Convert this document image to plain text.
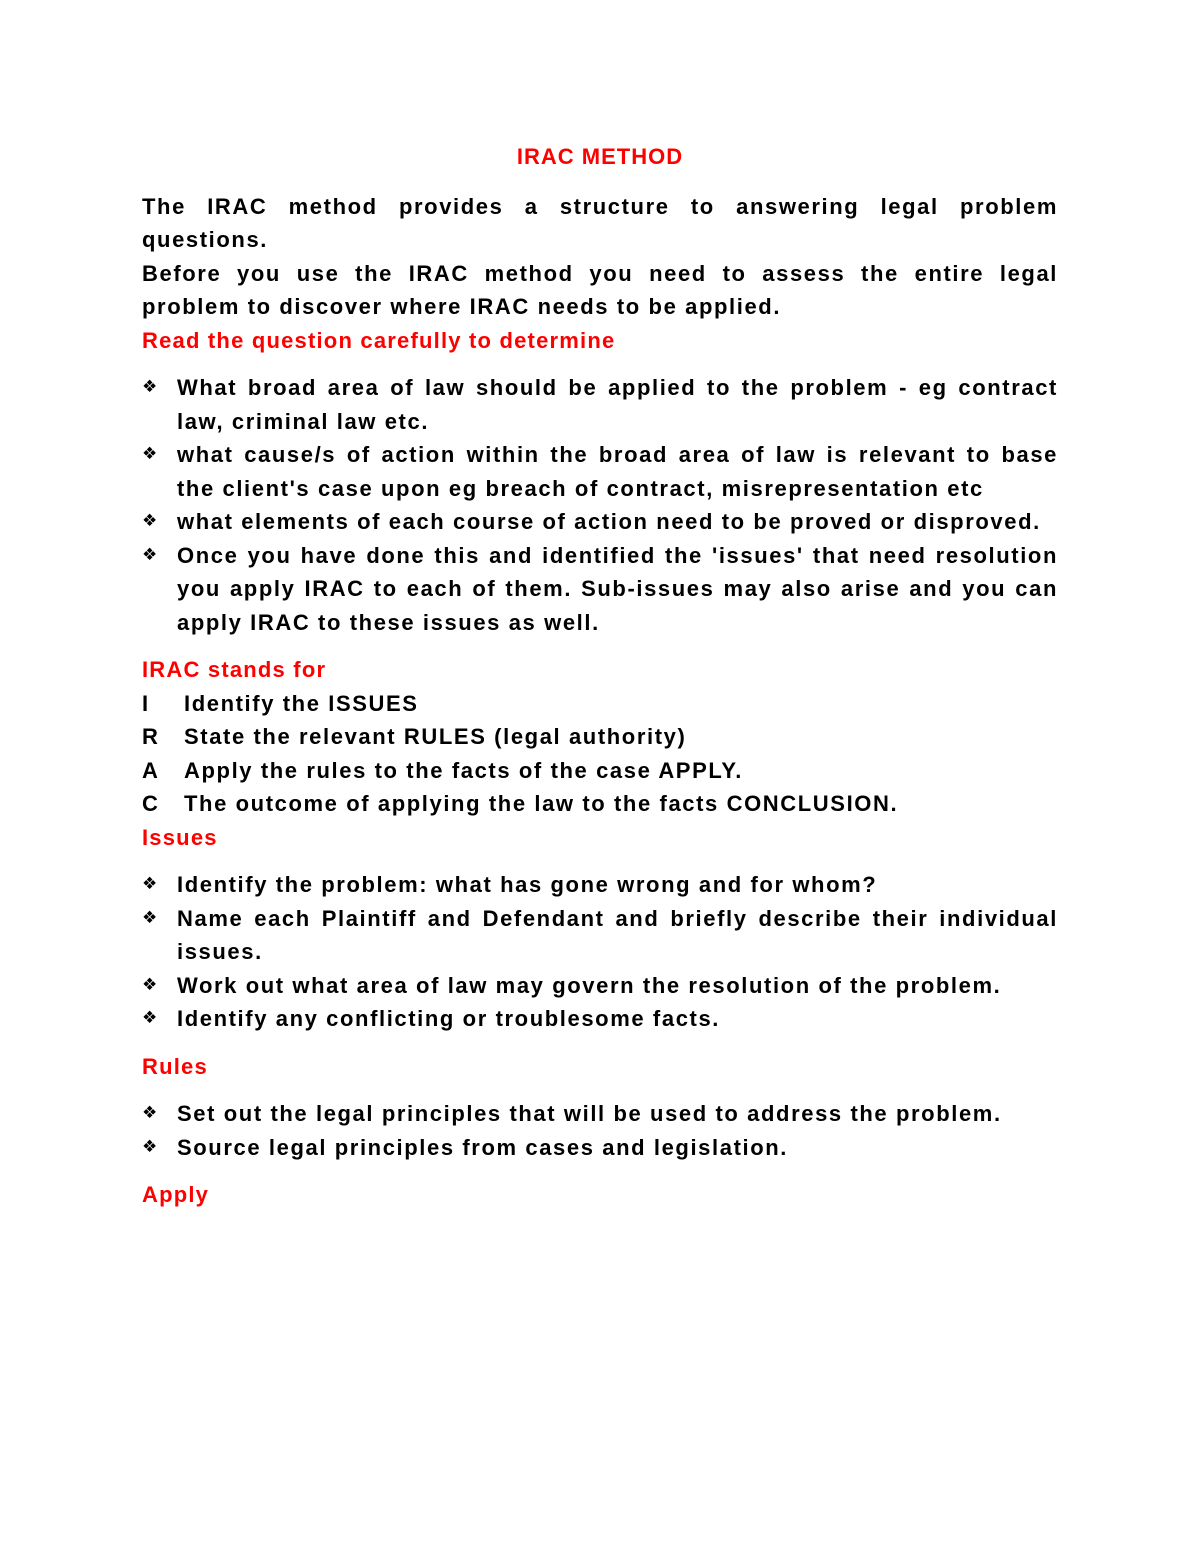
IRAC METHOD

The IRAC method provides a structure to answering legal problem questions.

Before you use the IRAC method you need to assess the entire legal problem to discover where IRAC needs to be applied.

Read the question carefully to determine

❖ What broad area of law should be applied to the problem - eg contract law, criminal law etc.
❖ what cause/s of action within the broad area of law is relevant to base the client's case upon eg breach of contract, misrepresentation etc
❖ what elements of each course of action need to be proved or disproved.
❖ Once you have done this and identified the 'issues' that need resolution you apply IRAC to each of them. Sub-issues may also arise and you can apply IRAC to these issues as well.

IRAC stands for

I	Identify the ISSUES
R	State the relevant RULES (legal authority)
A	Apply the rules to the facts of the case APPLY.
C	The outcome of applying the law to the facts CONCLUSION.

Issues

❖ Identify the problem: what has gone wrong and for whom?
❖ Name each Plaintiff and Defendant and briefly describe their individual issues.
❖ Work out what area of law may govern the resolution of the problem.
❖ Identify any conflicting or troublesome facts.

Rules

❖ Set out the legal principles that will be used to address the problem.
❖ Source legal principles from cases and legislation.

Apply
